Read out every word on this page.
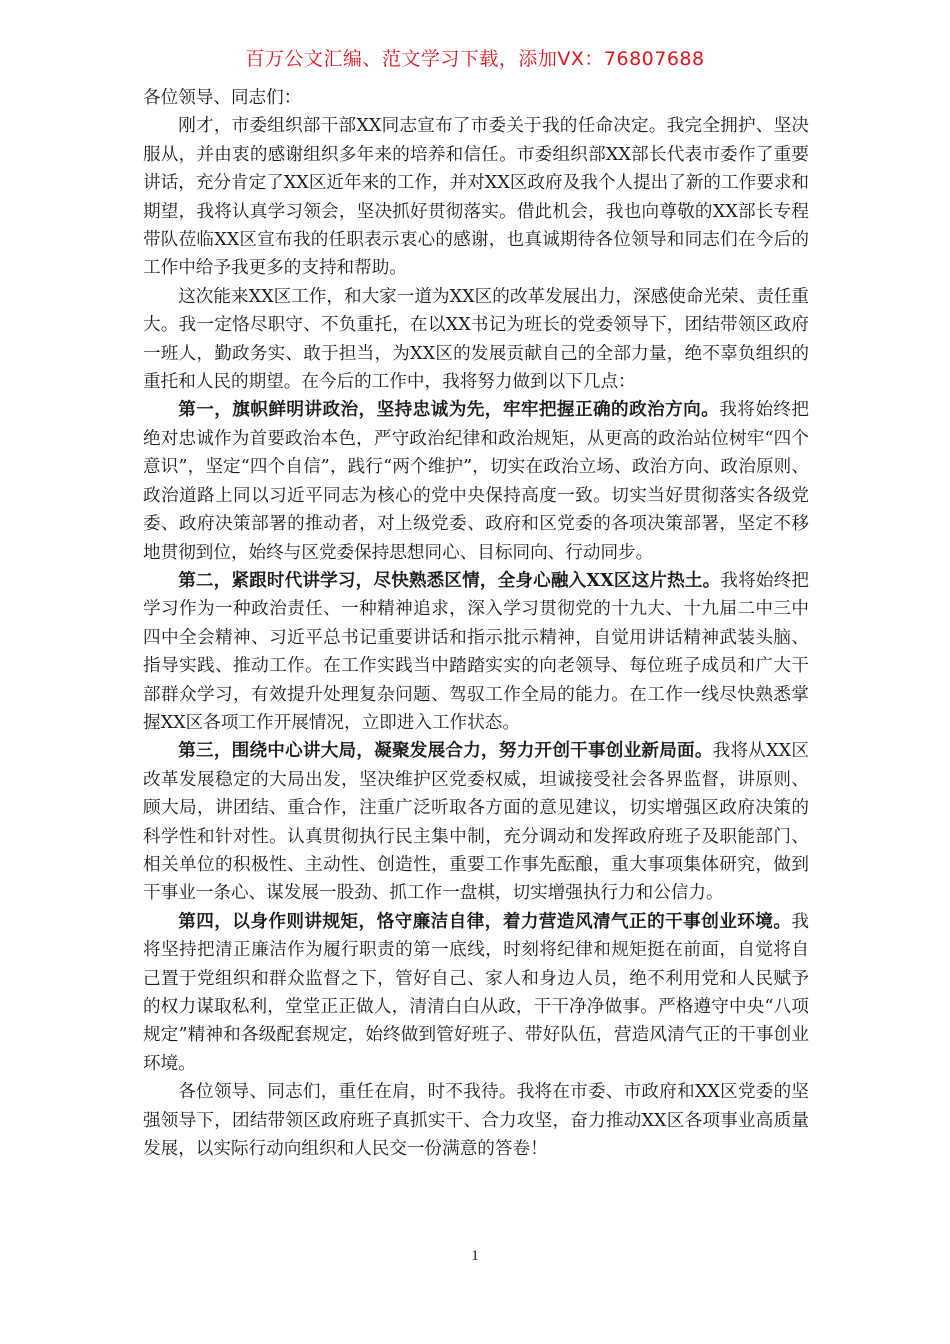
百万公文汇编、范文学习下载，添加VX：76807688

各位领导、同志们：

刚才，市委组织部干部XX同志宣布了市委关于我的任命决定。我完全拥护、坚决服从，并由衷的感谢组织多年来的培养和信任。市委组织部XX部长代表市委作了重要讲话，充分肯定了XX区近年来的工作，并对XX区政府及我个人提出了新的工作要求和期望，我将认真学习领会，坚决抓好贯彻落实。借此机会，我也向尊敬的XX部长专程带队莅临XX区宣布我的任职表示衷心的感谢，也真诚期待各位领导和同志们在今后的工作中给予我更多的支持和帮助。

这次能来XX区工作，和大家一道为XX区的改革发展出力，深感使命光荣、责任重大。我一定恪尽职守、不负重托，在以XX书记为班长的党委领导下，团结带领区政府一班人，勤政务实、敢于担当，为XX区的发展贡献自己的全部力量，绝不辜负组织的重托和人民的期望。在今后的工作中，我将努力做到以下几点：

第一，旗帜鲜明讲政治，坚持忠诚为先，牢牢把握正确的政治方向。我将始终把绝对忠诚作为首要政治本色，严守政治纪律和政治规矩，从更高的政治站位树牢“四个意识”，坚定“四个自信”，践行“两个维护”，切实在政治立场、政治方向、政治原则、政治道路上同以习近平同志为核心的党中央保持高度一致。切实当好贯彻落实各级党委、政府决策部署的推动者，对上级党委、政府和区党委的各项决策部署，坚定不移地贯彻到位，始终与区党委保持思想同心、目标同向、行动同步。

第二，紧跟时代讲学习，尽快熟悉区情，全身心融入XX区这片热土。我将始终把学习作为一种政治责任、一种精神追求，深入学习贯彻党的十九大、十九届二中三中四中全会精神、习近平总书记重要讲话和指示批示精神，自觉用讲话精神武装头脑、指导实践、推动工作。在工作实践当中踏踏实实的向老领导、每位班子成员和广大干部群众学习，有效提升处理复杂问题、驾驭工作全局的能力。在工作一线尽快熟悉掌握XX区各项工作开展情况，立即进入工作状态。

第三，围绕中心讲大局，凝聚发展合力，努力开创干事创业新局面。我将从XX区改革发展稳定的大局出发，坚决维护区党委权威，坦诚接受社会各界监督，讲原则、顾大局，讲团结、重合作，注重广泛听取各方面的意见建议，切实增强区政府决策的科学性和针对性。认真贯彻执行民主集中制，充分调动和发挥政府班子及职能部门、相关单位的积极性、主动性、创造性，重要工作事先酝酿，重大事项集体研究，做到干事业一条心、谋发展一股劲、抓工作一盘棋，切实增强执行力和公信力。

第四，以身作则讲规矩，恪守廉洁自律，着力营造风清气正的干事创业环境。我将坚持把清正廉洁作为履行职责的第一底线，时刻将纪律和规矩挺在前面，自觉将自己置于党组织和群众监督之下，管好自己、家人和身边人员，绝不利用党和人民赋予的权力谋取私利，堂堂正正做人，清清白白从政，干干净净做事。严格遵守中央“八项规定”精神和各级配套规定，始终做到管好班子、带好队伍，营造风清气正的干事创业环境。

各位领导、同志们，重任在肩，时不我待。我将在市委、市政府和XX区党委的坚强领导下，团结带领区政府班子真抓实干、合力攻坚，奋力推动XX区各项事业高质量发展，以实际行动向组织和人民交一份满意的答卷！

1
